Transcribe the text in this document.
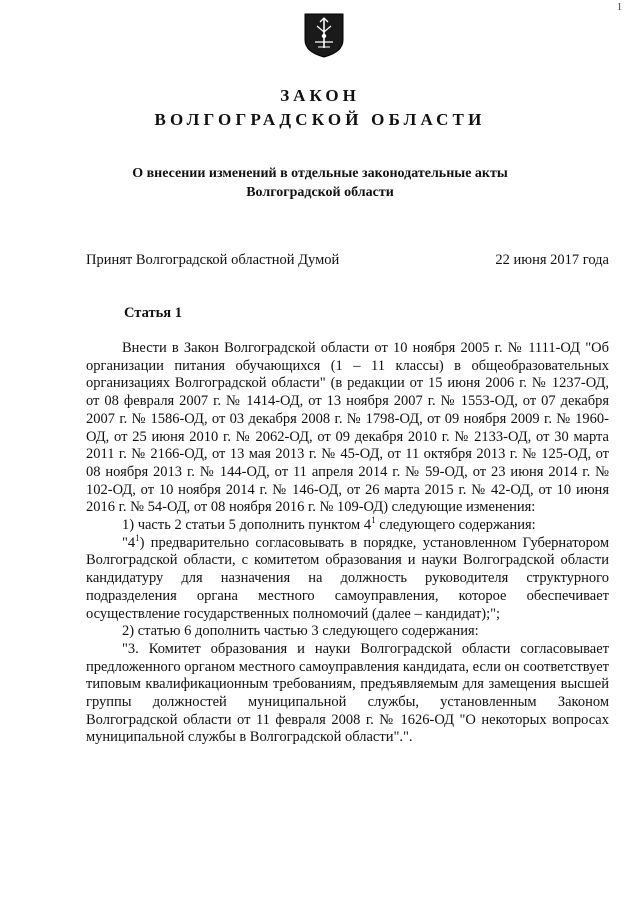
1
ЗАКОН
ВОЛГОГРАДСКОЙ ОБЛАСТИ
О внесении изменений в отдельные законодательные акты
Волгоградской области
Принят Волгоградской областной Думой	22 июня 2017 года
Статья 1

Внести в Закон Волгоградской области от 10 ноября 2005 г. № 1111-ОД "Об организации питания обучающихся (1 – 11 классы) в общеобразовательных организациях Волгоградской области" (в редакции от 15 июня 2006 г. № 1237-ОД, от 08 февраля 2007 г. № 1414-ОД, от 13 ноября 2007 г. № 1553-ОД, от 07 декабря 2007 г. № 1586-ОД, от 03 декабря 2008 г. № 1798-ОД, от 09 ноября 2009 г. № 1960-ОД, от 25 июня 2010 г. № 2062-ОД, от 09 декабря 2010 г. № 2133-ОД, от 30 марта 2011 г. № 2166-ОД, от 13 мая 2013 г. № 45-ОД, от 11 октября 2013 г. № 125-ОД, от 08 ноября 2013 г. № 144-ОД, от 11 апреля 2014 г. № 59-ОД, от 23 июня 2014 г. № 102-ОД, от 10 ноября 2014 г. № 146-ОД, от 26 марта 2015 г. № 42-ОД, от 10 июня 2016 г. № 54-ОД, от 08 ноября 2016 г. № 109-ОД) следующие изменения:

1) часть 2 статьи 5 дополнить пунктом $4^1$ следующего содержания:

"$4^1$) предварительно согласовывать в порядке, установленном Губернатором Волгоградской области, с комитетом образования и науки Волгоградской области кандидатуру для назначения на должность руководителя структурного подразделения органа местного самоуправления, которое обеспечивает осуществление государственных полномочий (далее – кандидат);";

2) статью 6 дополнить частью 3 следующего содержания:

"3. Комитет образования и науки Волгоградской области согласовывает предложенного органом местного самоуправления кандидата, если он соответствует типовым квалификационным требованиям, предъявляемым для замещения высшей группы должностей муниципальной службы, установленным Законом Волгоградской области от 11 февраля 2008 г. № 1626-ОД "О некоторых вопросах муниципальной службы в Волгоградской области".".
